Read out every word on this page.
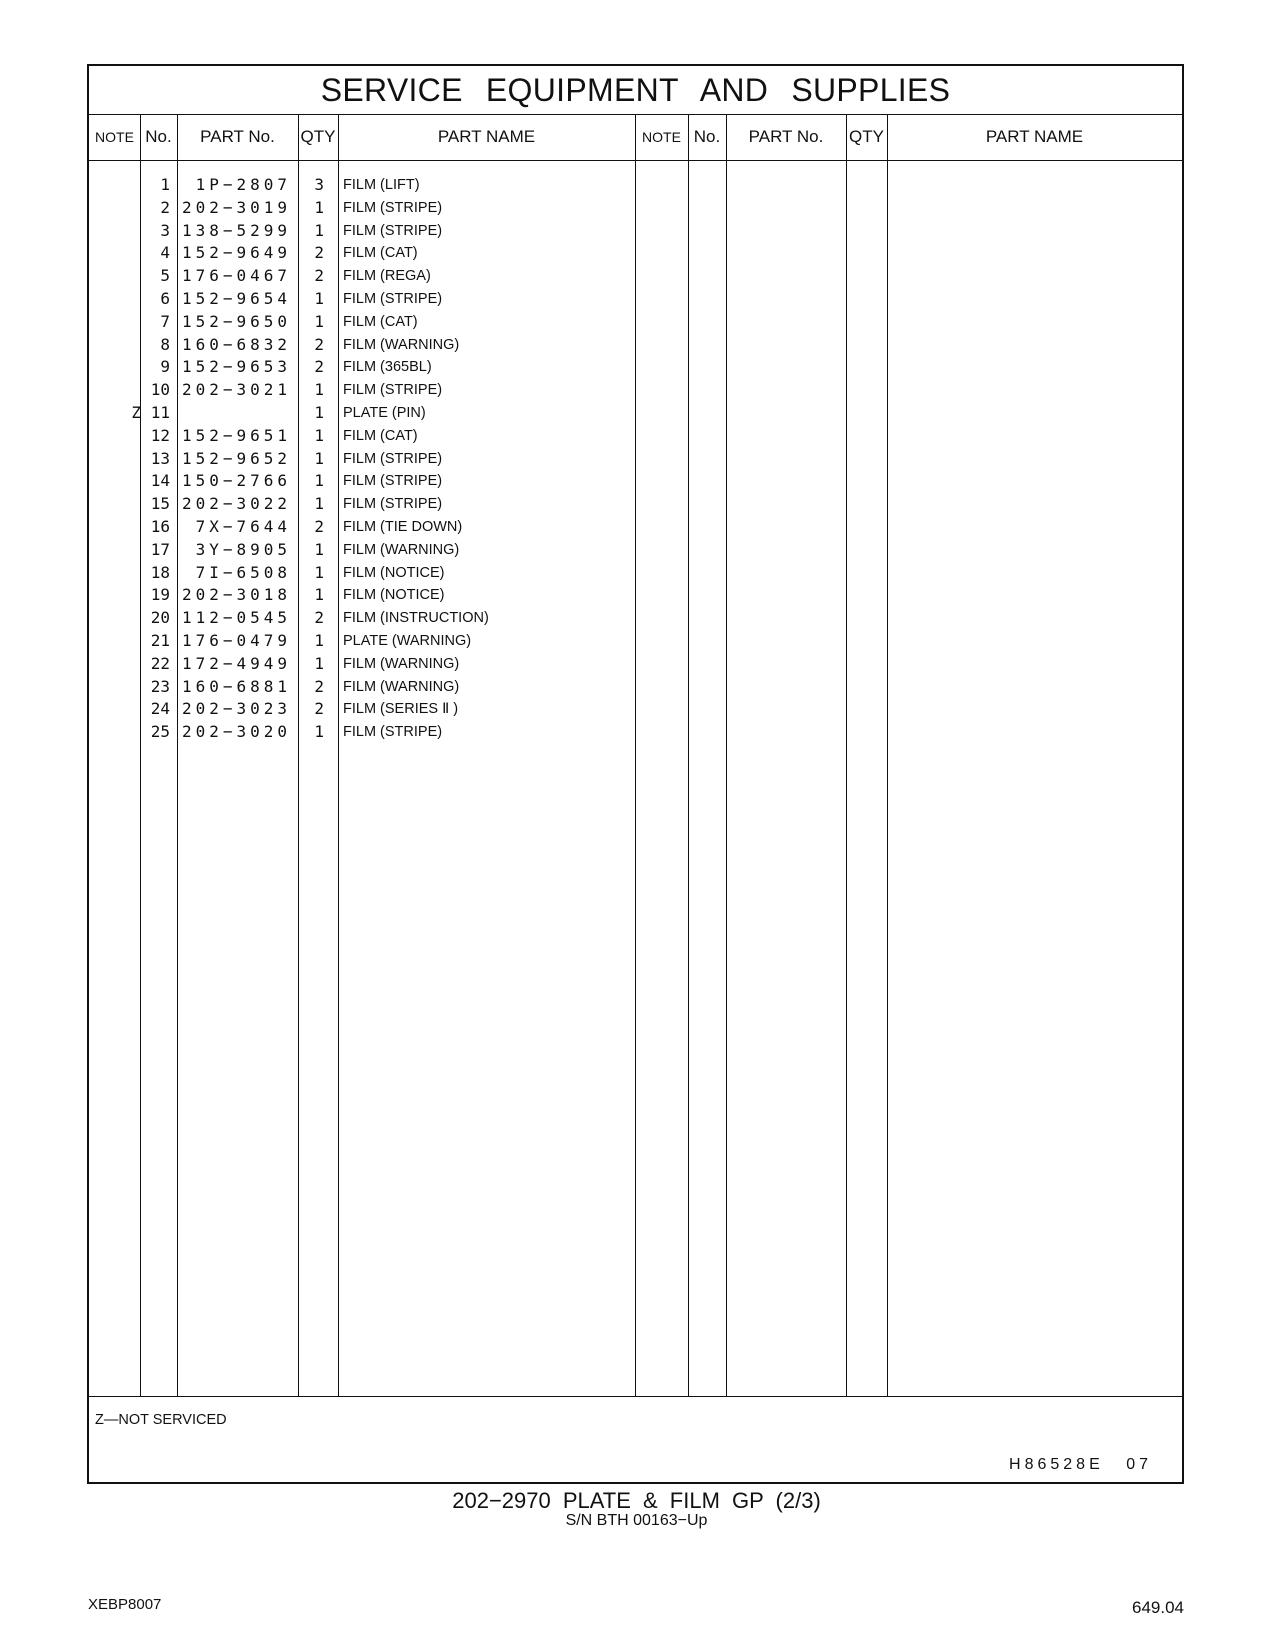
SERVICE EQUIPMENT AND SUPPLIES
NOTE No.	PART No.	QTY	PART NAME	NOTE No.	PART No.	QTY	PART NAME
1	1P−2807	3 FILM (LIFT)
2 202−3019	1 FILM (STRIPE)
3 138−5299	1 FILM (STRIPE)
4 152−9649	2 FILM (CAT)
5 176−0467	2 FILM (REGA)
6 152−9654	1 FILM (STRIPE)
7 152−9650	1 FILM (CAT)
8 160−6832	2 FILM (WARNING)
9 152−9653	2 FILM (365BL)
10 202−3021	1 FILM (STRIPE)
Z 11	1 PLATE (PIN)
12 152−9651	1 FILM (CAT)
13 152−9652	1 FILM (STRIPE)
14 150−2766	1 FILM (STRIPE)
15 202−3022	1 FILM (STRIPE)
16	7X−7644	2 FILM (TIE DOWN)
17	3Y−8905	1 FILM (WARNING)
18	7I−6508	1 FILM (NOTICE)
19 202−3018	1 FILM (NOTICE)
20 112−0545	2 FILM (INSTRUCTION)
21 176−0479	1 PLATE (WARNING)
22 172−4949	1 FILM (WARNING)
23 160−6881	2 FILM (WARNING)
24 202−3023	2 FILM (SERIES Ⅱ )
25 202−3020	1 FILM (STRIPE)
Z—NOT SERVICED
H86528E 07
202−2970 PLATE & FILM GP (2/3)
S/N BTH 00163−Up
XEBP8007	649.04
